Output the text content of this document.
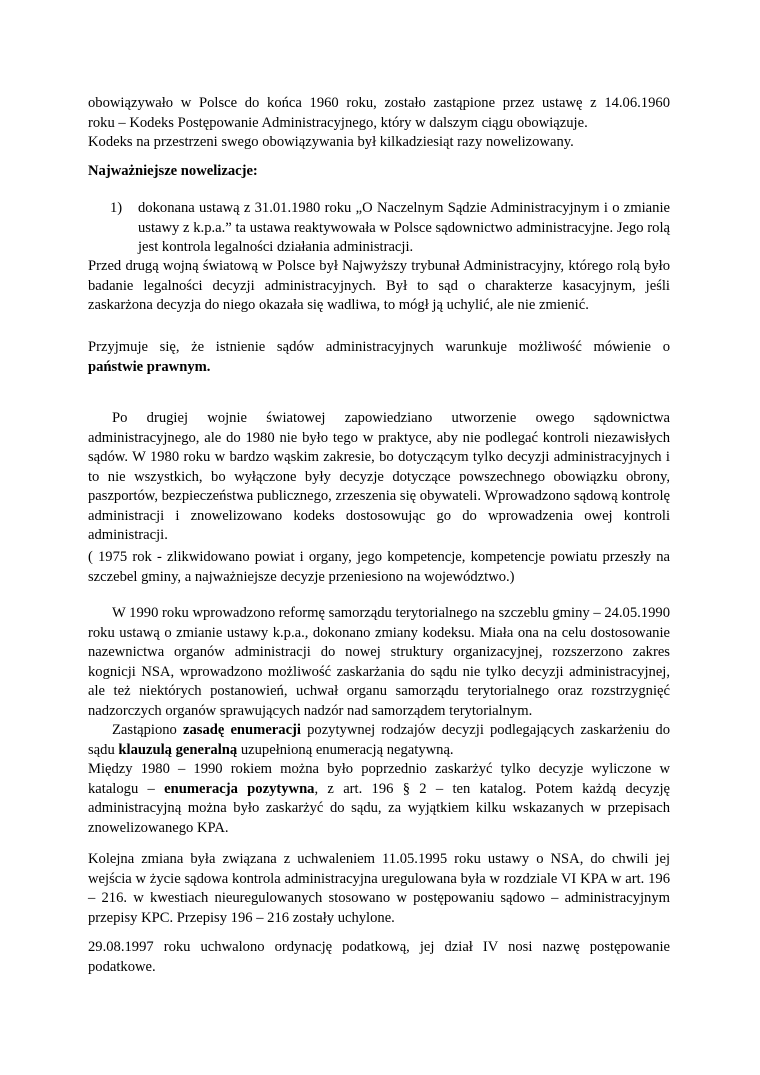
obowiązywało w Polsce do końca 1960 roku, zostało zastąpione przez ustawę z 14.06.1960
roku – Kodeks Postępowanie Administracyjnego, który w dalszym ciągu obowiązuje.
Kodeks na przestrzeni swego obowiązywania był kilkadziesiąt razy nowelizowany.
Najważniejsze nowelizacje:
1) dokonana ustawą z 31.01.1980 roku „O Naczelnym Sądzie Administracyjnym i o zmianie ustawy z k.p.a.” ta ustawa reaktywowała w Polsce sądownictwo administracyjne. Jego rolą jest kontrola legalności działania administracji.
Przed drugą wojną światową w Polsce był Najwyższy trybunał Administracyjny, którego rolą było badanie legalności decyzji administracyjnych. Był to sąd o charakterze kasacyjnym, jeśli zaskarżona decyzja do niego okazała się wadliwa, to mógł ją uchylić, ale nie zmienić.
Przyjmuje się, że istnienie sądów administracyjnych warunkuje możliwość mówienie o
państwie prawnym.
Po drugiej wojnie światowej zapowiedziano utworzenie owego sądownictwa administracyjnego, ale do 1980 nie było tego w praktyce, aby nie podlegać kontroli niezawisłych sądów. W 1980 roku w bardzo wąskim zakresie, bo dotyczącym tylko decyzji administracyjnych i to nie wszystkich, bo wyłączone były decyzje dotyczące powszechnego obowiązku obrony, paszportów, bezpieczeństwa publicznego, zrzeszenia się obywateli. Wprowadzono sądową kontrolę administracji i znowelizowano kodeks dostosowując go do wprowadzenia owej kontroli administracji.
( 1975 rok - zlikwidowano powiat i organy, jego kompetencje, kompetencje powiatu przeszły na szczebel gminy, a najważniejsze decyzje przeniesiono na województwo.)
W 1990 roku wprowadzono reformę samorządu terytorialnego na szczeblu gminy – 24.05.1990 roku ustawą o zmianie ustawy k.p.a., dokonano zmiany kodeksu. Miała ona na celu dostosowanie nazewnictwa organów administracji do nowej struktury organizacyjnej, rozszerzono zakres kognicji NSA, wprowadzono możliwość zaskarżania do sądu nie tylko decyzji administracyjnej, ale też niektórych postanowień, uchwał organu samorządu terytorialnego oraz rozstrzygnięć nadzorczych organów sprawujących nadzór nad samorządem terytorialnym.
Zastąpiono zasadę enumeracji pozytywnej rodzajów decyzji podlegających zaskarżeniu do sądu klauzulą generalną uzupełnioną enumeracją negatywną.
Między 1980 – 1990 rokiem można było poprzednio zaskarżyć tylko decyzje wyliczone w katalogu – enumeracja pozytywna, z art. 196 § 2 – ten katalog. Potem każdą decyzję administracyjną można było zaskarżyć do sądu, za wyjątkiem kilku wskazanych w przepisach znowelizowanego KPA.
Kolejna zmiana była związana z uchwaleniem 11.05.1995 roku ustawy o NSA, do chwili jej wejścia w życie sądowa kontrola administracyjna uregulowana była w rozdziale VI KPA w art. 196 – 216. w kwestiach nieuregulowanych stosowano w postępowaniu sądowo – administracyjnym przepisy KPC. Przepisy 196 – 216 zostały uchylone.
29.08.1997 roku uchwalono ordynację podatkową, jej dział IV nosi nazwę postępowanie podatkowe.
